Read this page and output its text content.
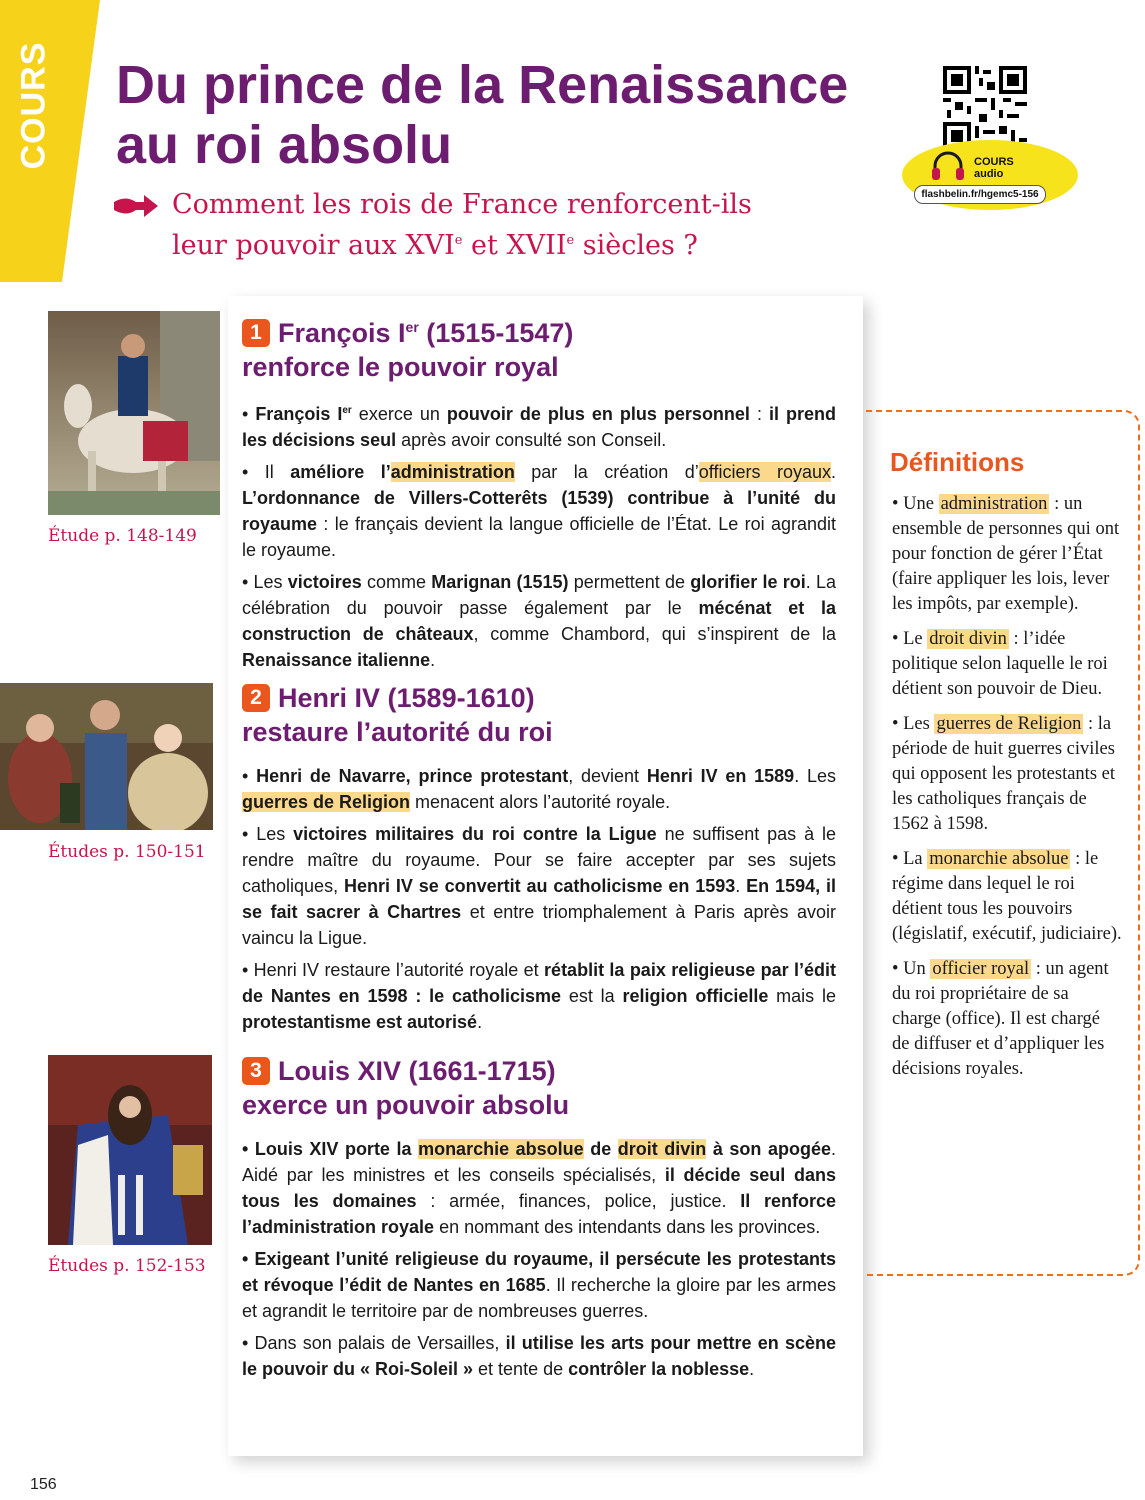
COURS Du prince de la Renaissance au roi absolu

Comment les rois de France renforcent-ils leur pouvoir aux XVIe et XVIIe siècles ?

COURS
audio
flashbelin.fr/hgemc5-156

Étude p. 148-149

Études p. 150-151

Études p. 152-153

1 François Ier (1515-1547)
renforce le pouvoir royal

• François Ier exerce un pouvoir de plus en plus personnel : il prend les décisions seul après avoir consulté son Conseil.

• Il améliore l’administration par la création d’officiers royaux. L’ordonnance de Villers-Cotterêts (1539) contribue à l’unité du royaume : le français devient la langue officielle de l’État. Le roi agrandit le royaume.

• Les victoires comme Marignan (1515) permettent de glorifier le roi. La célébration du pouvoir passe également par le mécénat et la construction de châteaux, comme Chambord, qui s’inspirent de la Renaissance italienne.

2 Henri IV (1589-1610)
restaure l’autorité du roi

• Henri de Navarre, prince protestant, devient Henri IV en 1589. Les guerres de Religion menacent alors l’autorité royale.

• Les victoires militaires du roi contre la Ligue ne suffisent pas à le rendre maître du royaume. Pour se faire accepter par ses sujets catholiques, Henri IV se convertit au catholicisme en 1593. En 1594, il se fait sacrer à Chartres et entre triomphalement à Paris après avoir vaincu la Ligue.

• Henri IV restaure l’autorité royale et rétablit la paix religieuse par l’édit de Nantes en 1598 : le catholicisme est la religion officielle mais le protestantisme est autorisé.

3 Louis XIV (1661-1715)
exerce un pouvoir absolu

• Louis XIV porte la monarchie absolue de droit divin à son apogée. Aidé par les ministres et les conseils spécialisés, il décide seul dans tous les domaines : armée, finances, police, justice. Il renforce l’administration royale en nommant des intendants dans les provinces.

• Exigeant l’unité religieuse du royaume, il persécute les protestants et révoque l’édit de Nantes en 1685. Il recherche la gloire par les armes et agrandit le territoire par de nombreuses guerres.

• Dans son palais de Versailles, il utilise les arts pour mettre en scène le pouvoir du « Roi-Soleil » et tente de contrôler la noblesse.

Définitions

• Une administration : un ensemble de personnes qui ont pour fonction de gérer l’État (faire appliquer les lois, lever les impôts, par exemple).

• Le droit divin : l’idée politique selon laquelle le roi détient son pouvoir de Dieu.

• Les guerres de Religion : la période de huit guerres civiles qui opposent les protestants et les catholiques français de 1562 à 1598.

• La monarchie absolue : le régime dans lequel le roi détient tous les pouvoirs (législatif, exécutif, judiciaire).

• Un officier royal : un agent du roi propriétaire de sa charge (office). Il est chargé de diffuser et d’appliquer les décisions royales.

156
